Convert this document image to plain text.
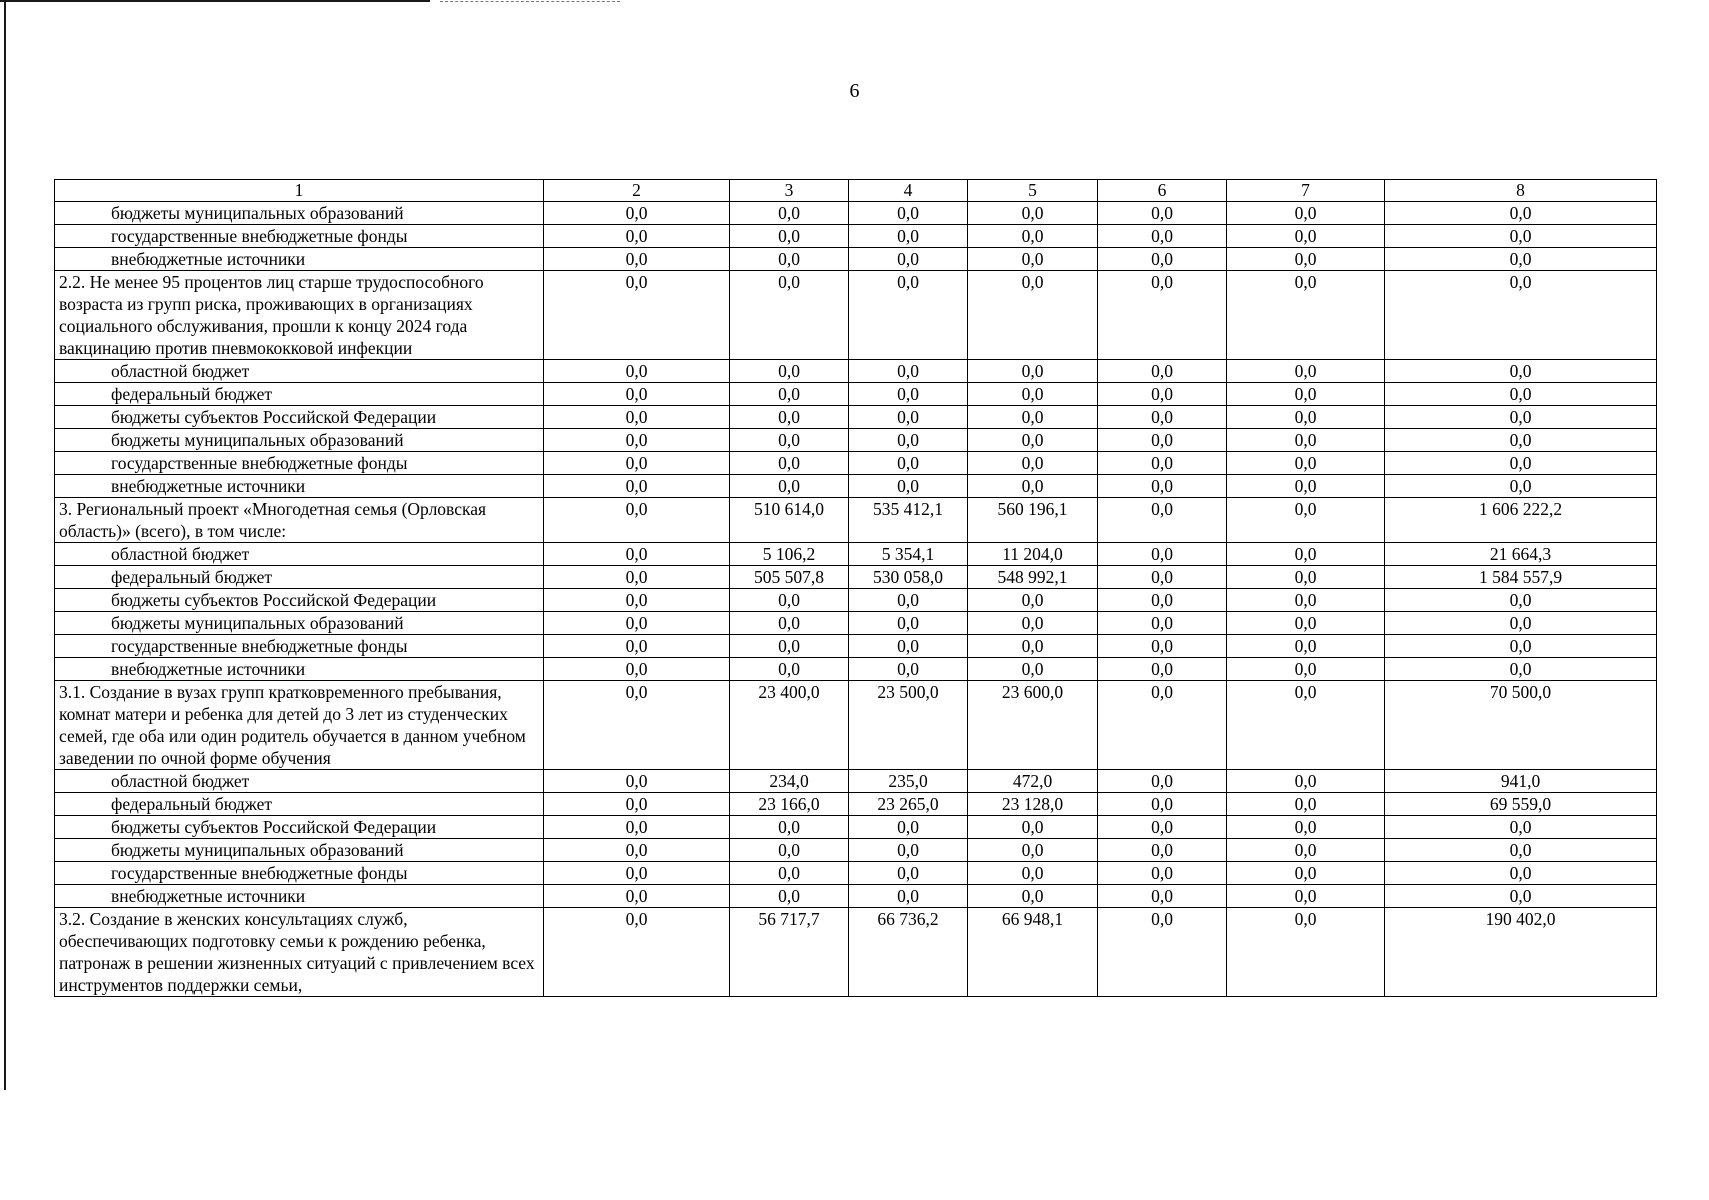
6
1	2	3	4	5	6	7	8
бюджеты муниципальных образований	0,0	0,0	0,0	0,0	0,0	0,0	0,0
государственные внебюджетные фонды	0,0	0,0	0,0	0,0	0,0	0,0	0,0
внебюджетные источники	0,0	0,0	0,0	0,0	0,0	0,0	0,0
2.2. Не менее 95 процентов лиц старше трудоспособного возраста из групп риска, проживающих в организациях социального обслуживания, прошли к концу 2024 года вакцинацию против пневмококковой инфекции	0,0	0,0	0,0	0,0	0,0	0,0	0,0
областной бюджет	0,0	0,0	0,0	0,0	0,0	0,0	0,0
федеральный бюджет	0,0	0,0	0,0	0,0	0,0	0,0	0,0
бюджеты субъектов Российской Федерации	0,0	0,0	0,0	0,0	0,0	0,0	0,0
бюджеты муниципальных образований	0,0	0,0	0,0	0,0	0,0	0,0	0,0
государственные внебюджетные фонды	0,0	0,0	0,0	0,0	0,0	0,0	0,0
внебюджетные источники	0,0	0,0	0,0	0,0	0,0	0,0	0,0
3. Региональный проект «Многодетная семья (Орловская область)» (всего), в том числе:	0,0	510 614,0	535 412,1	560 196,1	0,0	0,0	1 606 222,2
областной бюджет	0,0	5 106,2	5 354,1	11 204,0	0,0	0,0	21 664,3
федеральный бюджет	0,0	505 507,8	530 058,0	548 992,1	0,0	0,0	1 584 557,9
бюджеты субъектов Российской Федерации	0,0	0,0	0,0	0,0	0,0	0,0	0,0
бюджеты муниципальных образований	0,0	0,0	0,0	0,0	0,0	0,0	0,0
государственные внебюджетные фонды	0,0	0,0	0,0	0,0	0,0	0,0	0,0
внебюджетные источники	0,0	0,0	0,0	0,0	0,0	0,0	0,0
3.1. Создание в вузах групп кратковременного пребывания, комнат матери и ребенка для детей до 3 лет из студенческих семей, где оба или один родитель обучается в данном учебном заведении по очной форме обучения	0,0	23 400,0	23 500,0	23 600,0	0,0	0,0	70 500,0
областной бюджет	0,0	234,0	235,0	472,0	0,0	0,0	941,0
федеральный бюджет	0,0	23 166,0	23 265,0	23 128,0	0,0	0,0	69 559,0
бюджеты субъектов Российской Федерации	0,0	0,0	0,0	0,0	0,0	0,0	0,0
бюджеты муниципальных образований	0,0	0,0	0,0	0,0	0,0	0,0	0,0
государственные внебюджетные фонды	0,0	0,0	0,0	0,0	0,0	0,0	0,0
внебюджетные источники	0,0	0,0	0,0	0,0	0,0	0,0	0,0
3.2. Создание в женских консультациях служб, обеспечивающих подготовку семьи к рождению ребенка, патронаж в решении жизненных ситуаций с привлечением всех инструментов поддержки семьи,	0,0	56 717,7	66 736,2	66 948,1	0,0	0,0	190 402,0
